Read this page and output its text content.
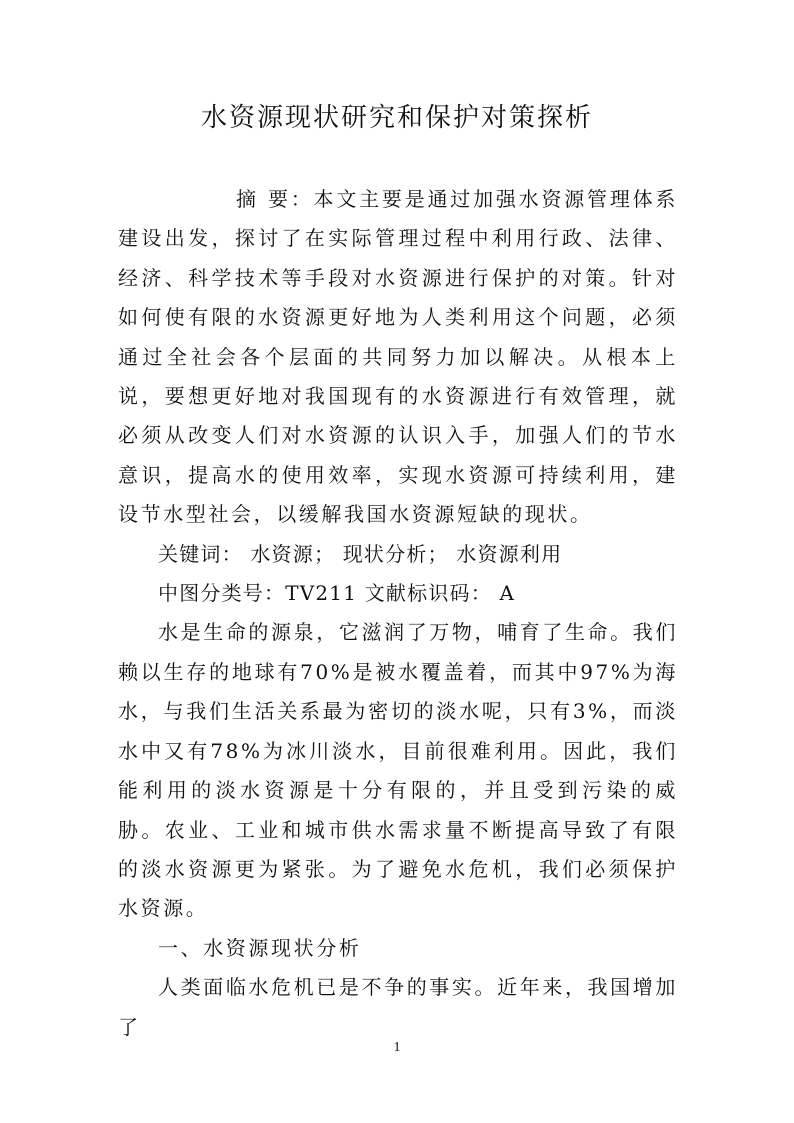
水资源现状研究和保护对策探析

摘 要：本文主要是通过加强水资源管理体系建设出发，探讨了在实际管理过程中利用行政、法律、经济、科学技术等手段对水资源进行保护的对策。针对如何使有限的水资源更好地为人类利用这个问题，必须通过全社会各个层面的共同努力加以解决。从根本上说，要想更好地对我国现有的水资源进行有效管理，就必须从改变人们对水资源的认识入手，加强人们的节水意识，提高水的使用效率，实现水资源可持续利用，建设节水型社会，以缓解我国水资源短缺的现状。

关键词： 水资源； 现状分析； 水资源利用

中图分类号：TV211 文献标识码： A

水是生命的源泉，它滋润了万物，哺育了生命。我们赖以生存的地球有70%是被水覆盖着，而其中97%为海水，与我们生活关系最为密切的淡水呢，只有3%，而淡水中又有78%为冰川淡水，目前很难利用。因此，我们能利用的淡水资源是十分有限的，并且受到污染的威胁。农业、工业和城市供水需求量不断提高导致了有限的淡水资源更为紧张。为了避免水危机，我们必须保护水资源。

一、水资源现状分析

人类面临水危机已是不争的事实。近年来，我国增加了

1
